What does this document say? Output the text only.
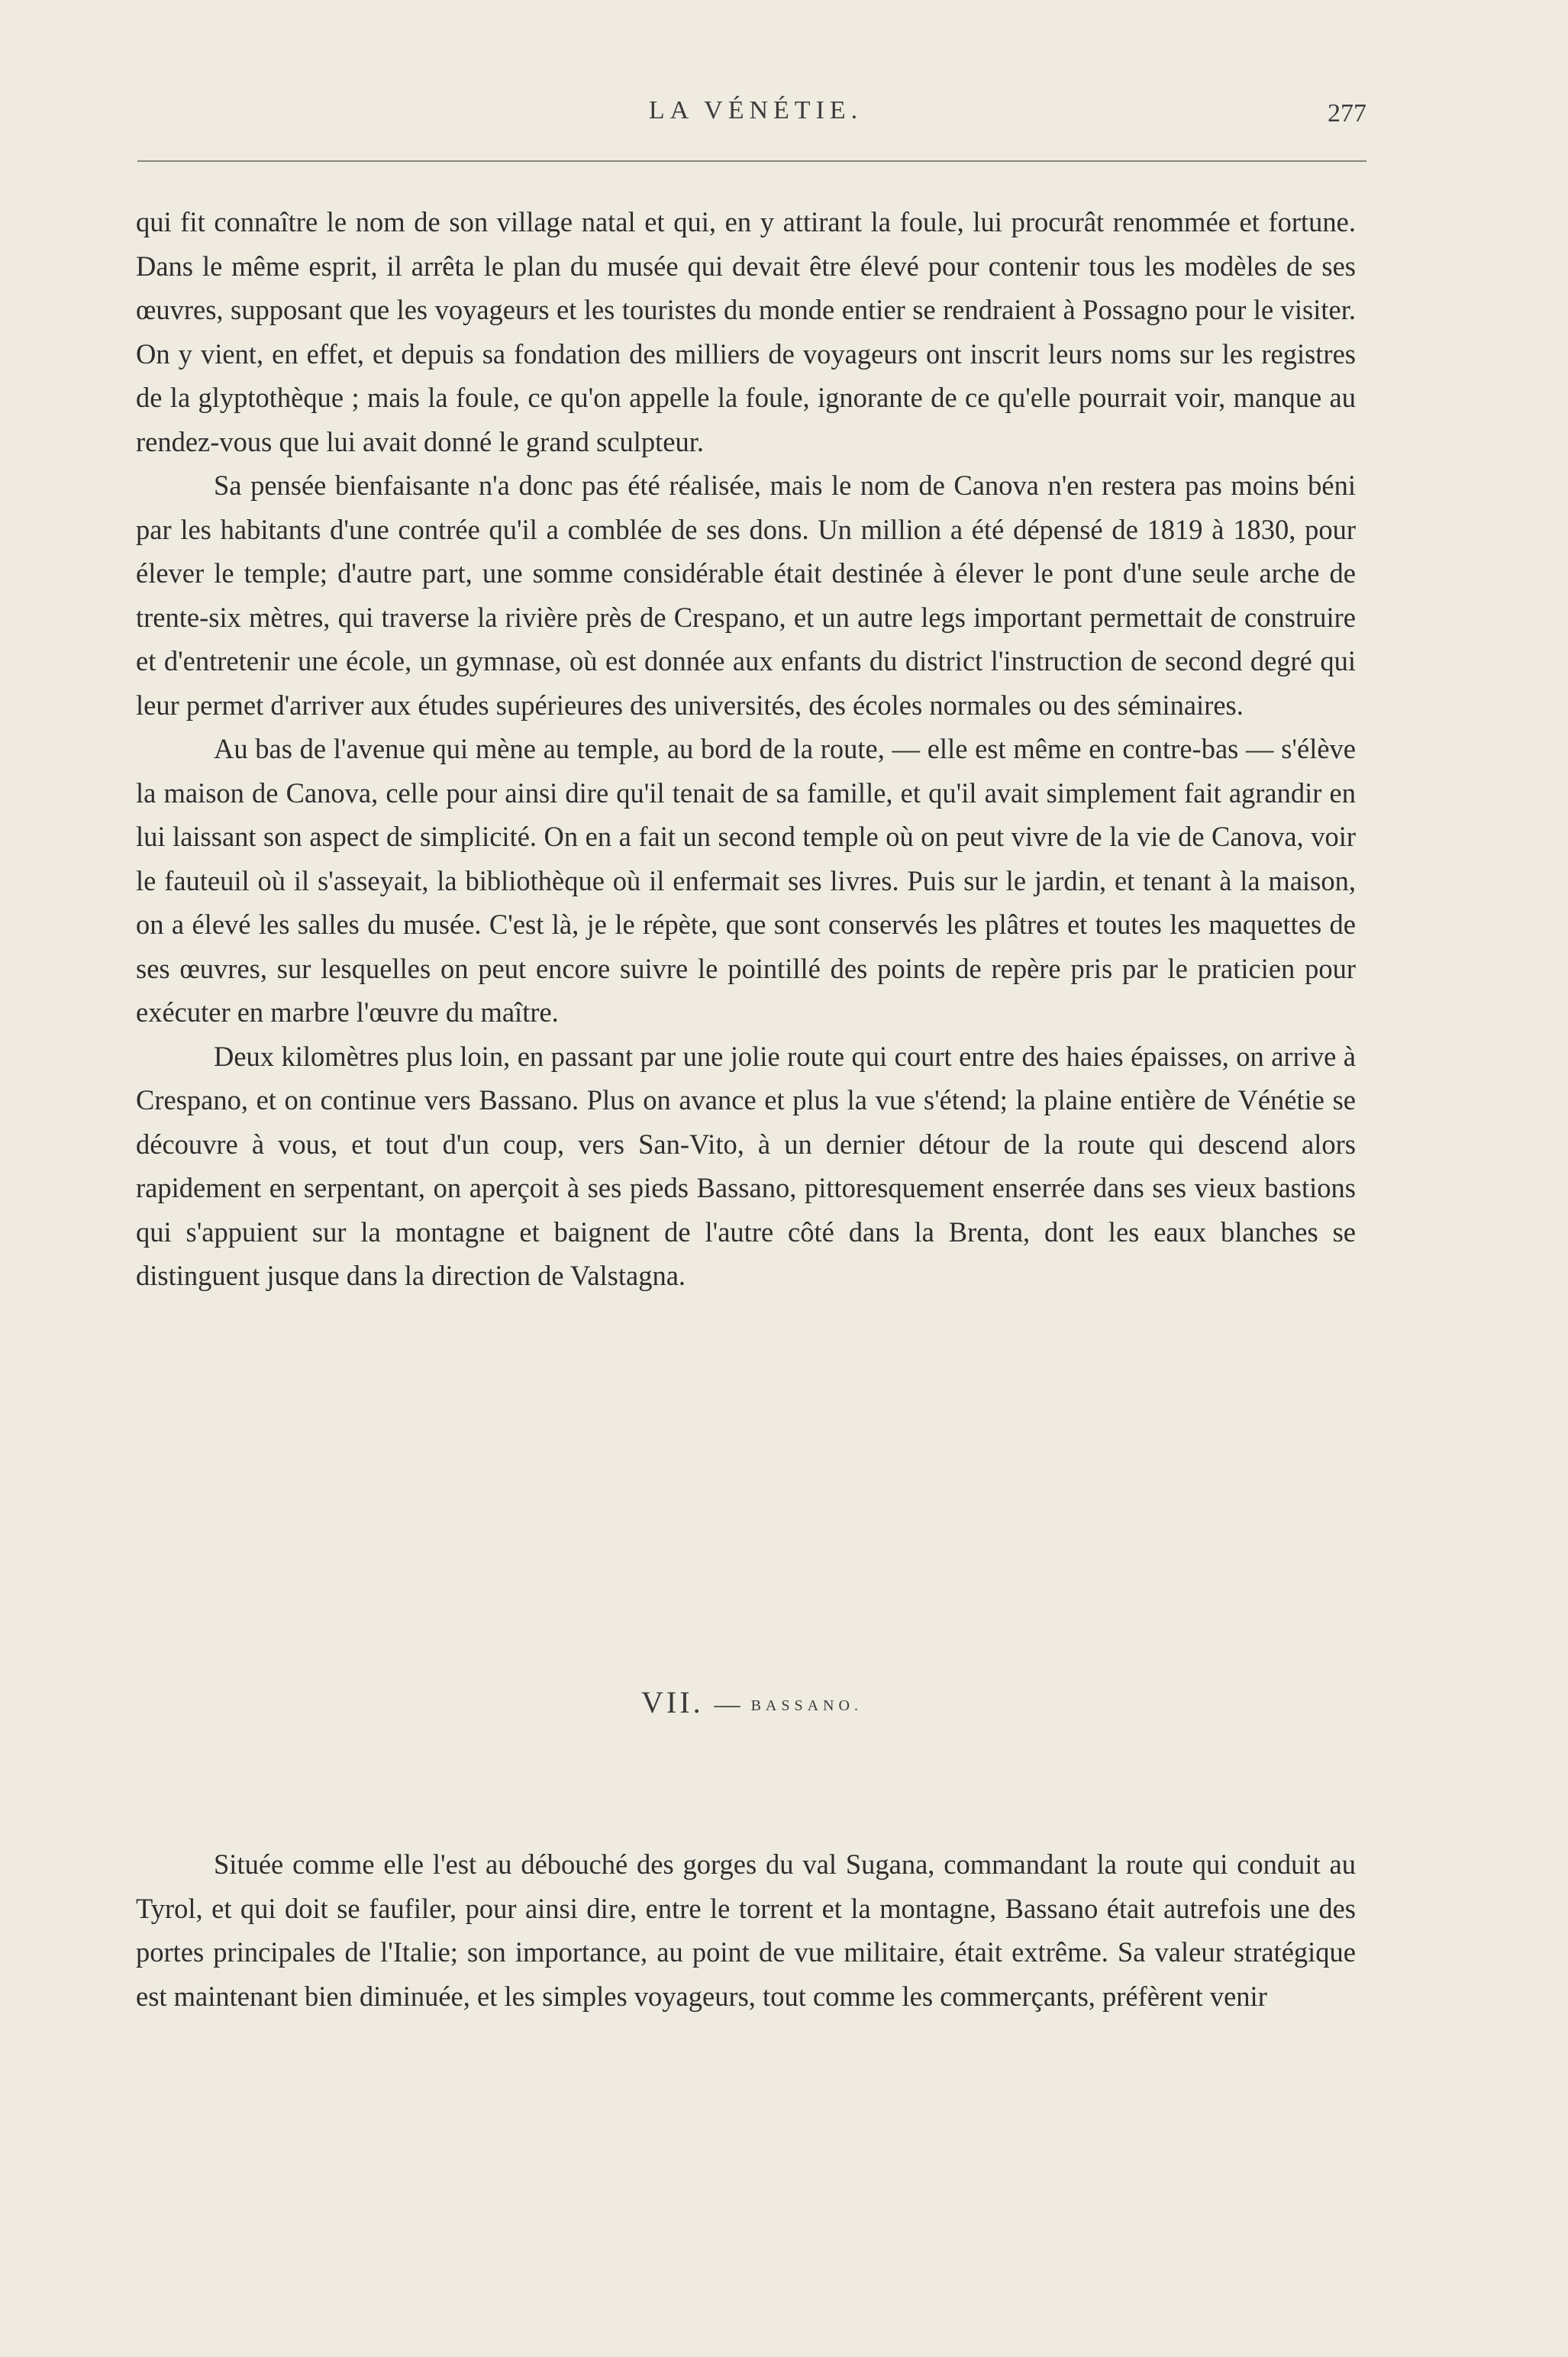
LA VÉNÉTIE.	277

qui fit connaître le nom de son village natal et qui, en y attirant la foule, lui procurât renommée et fortune. Dans le même esprit, il arrêta le plan du musée qui devait être élevé pour contenir tous les modèles de ses œuvres, supposant que les voyageurs et les touristes du monde entier se rendraient à Possagno pour le visiter. On y vient, en effet, et depuis sa fondation des milliers de voyageurs ont inscrit leurs noms sur les registres de la glyptothèque ; mais la foule, ce qu'on appelle la foule, ignorante de ce qu'elle pourrait voir, manque au rendez-vous que lui avait donné le grand sculpteur.

Sa pensée bienfaisante n'a donc pas été réalisée, mais le nom de Canova n'en restera pas moins béni par les habitants d'une contrée qu'il a comblée de ses dons. Un million a été dépensé de 1819 à 1830, pour élever le temple; d'autre part, une somme considérable était destinée à élever le pont d'une seule arche de trente-six mètres, qui traverse la rivière près de Crespano, et un autre legs important permettait de construire et d'entretenir une école, un gymnase, où est donnée aux enfants du district l'instruction de second degré qui leur permet d'arriver aux études supérieures des universités, des écoles normales ou des séminaires.

Au bas de l'avenue qui mène au temple, au bord de la route, — elle est même en contre-bas — s'élève la maison de Canova, celle pour ainsi dire qu'il tenait de sa famille, et qu'il avait simplement fait agrandir en lui laissant son aspect de simplicité. On en a fait un second temple où on peut vivre de la vie de Canova, voir le fauteuil où il s'asseyait, la bibliothèque où il enfermait ses livres. Puis sur le jardin, et tenant à la maison, on a élevé les salles du musée. C'est là, je le répète, que sont conservés les plâtres et toutes les maquettes de ses œuvres, sur lesquelles on peut encore suivre le pointillé des points de repère pris par le praticien pour exécuter en marbre l'œuvre du maître.

Deux kilomètres plus loin, en passant par une jolie route qui court entre des haies épaisses, on arrive à Crespano, et on continue vers Bassano. Plus on avance et plus la vue s'étend; la plaine entière de Vénétie se découvre à vous, et tout d'un coup, vers San-Vito, à un dernier détour de la route qui descend alors rapidement en serpentant, on aperçoit à ses pieds Bassano, pittoresquement enserrée dans ses vieux bastions qui s'appuient sur la montagne et baignent de l'autre côté dans la Brenta, dont les eaux blanches se distinguent jusque dans la direction de Valstagna.

VII. — BASSANO.

Située comme elle l'est au débouché des gorges du val Sugana, commandant la route qui conduit au Tyrol, et qui doit se faufiler, pour ainsi dire, entre le torrent et la montagne, Bassano était autrefois une des portes principales de l'Italie; son importance, au point de vue militaire, était extrême. Sa valeur stratégique est maintenant bien diminuée, et les simples voyageurs, tout comme les commerçants, préfèrent venir
